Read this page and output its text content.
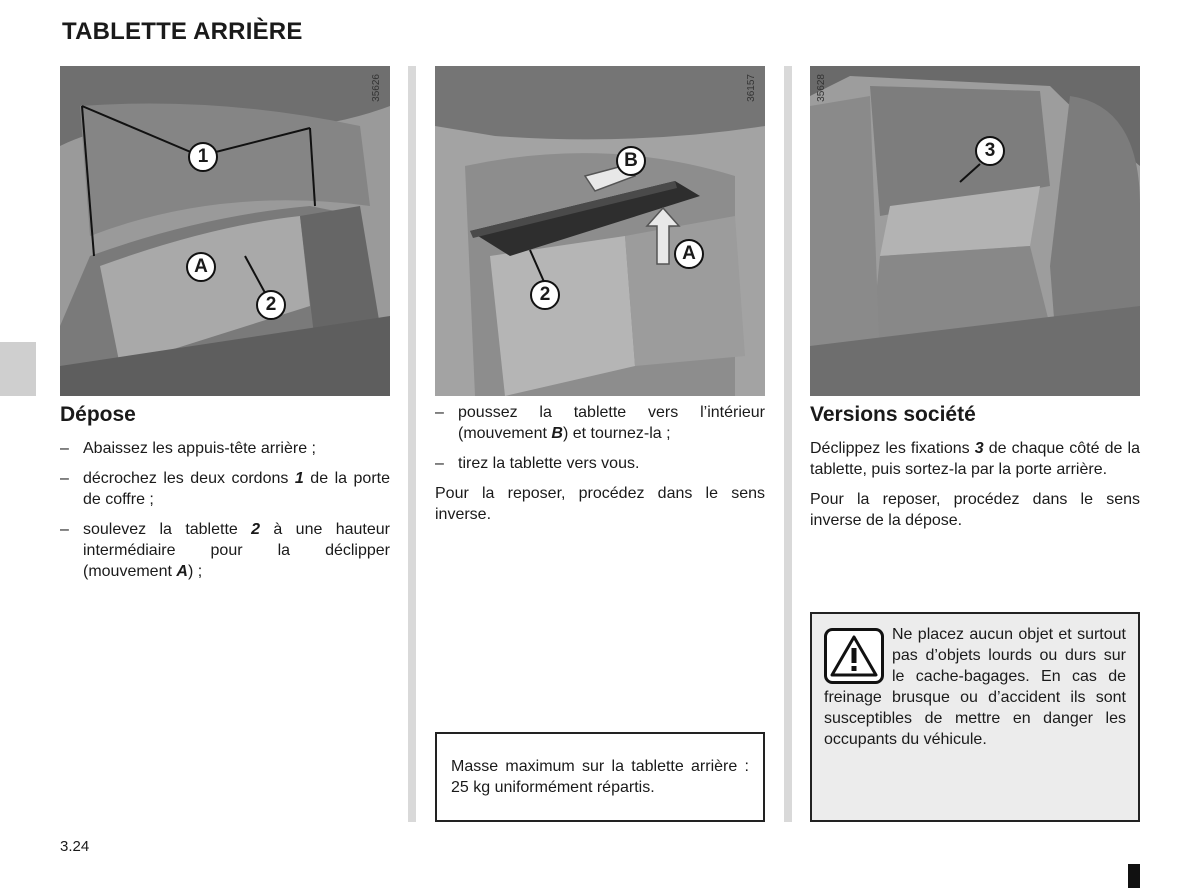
TABLETTE ARRIÈRE
35626
1
A
2
36157
B
A
2
35628
3
Dépose
– Abaissez les appuis-tête arrière ;
– décrochez les deux cordons 1 de la porte de coffre ;
– soulevez la tablette 2 à une hauteur intermédiaire pour la déclipper (mouvement A) ;
– poussez la tablette vers l’intérieur (mouvement B) et tournez-la ;
– tirez la tablette vers vous.
Pour la reposer, procédez dans le sens inverse.
Masse maximum sur la tablette arrière : 25 kg uniformément répartis.
Versions société
Déclippez les fixations 3 de chaque côté de la tablette, puis sortez-la par la porte arrière.
Pour la reposer, procédez dans le sens inverse de la dépose.
Ne placez aucun objet et surtout pas d’objets lourds ou durs sur le cache-bagages. En cas de freinage brusque ou d’accident ils sont susceptibles de mettre en danger les occupants du véhicule.
3.24
